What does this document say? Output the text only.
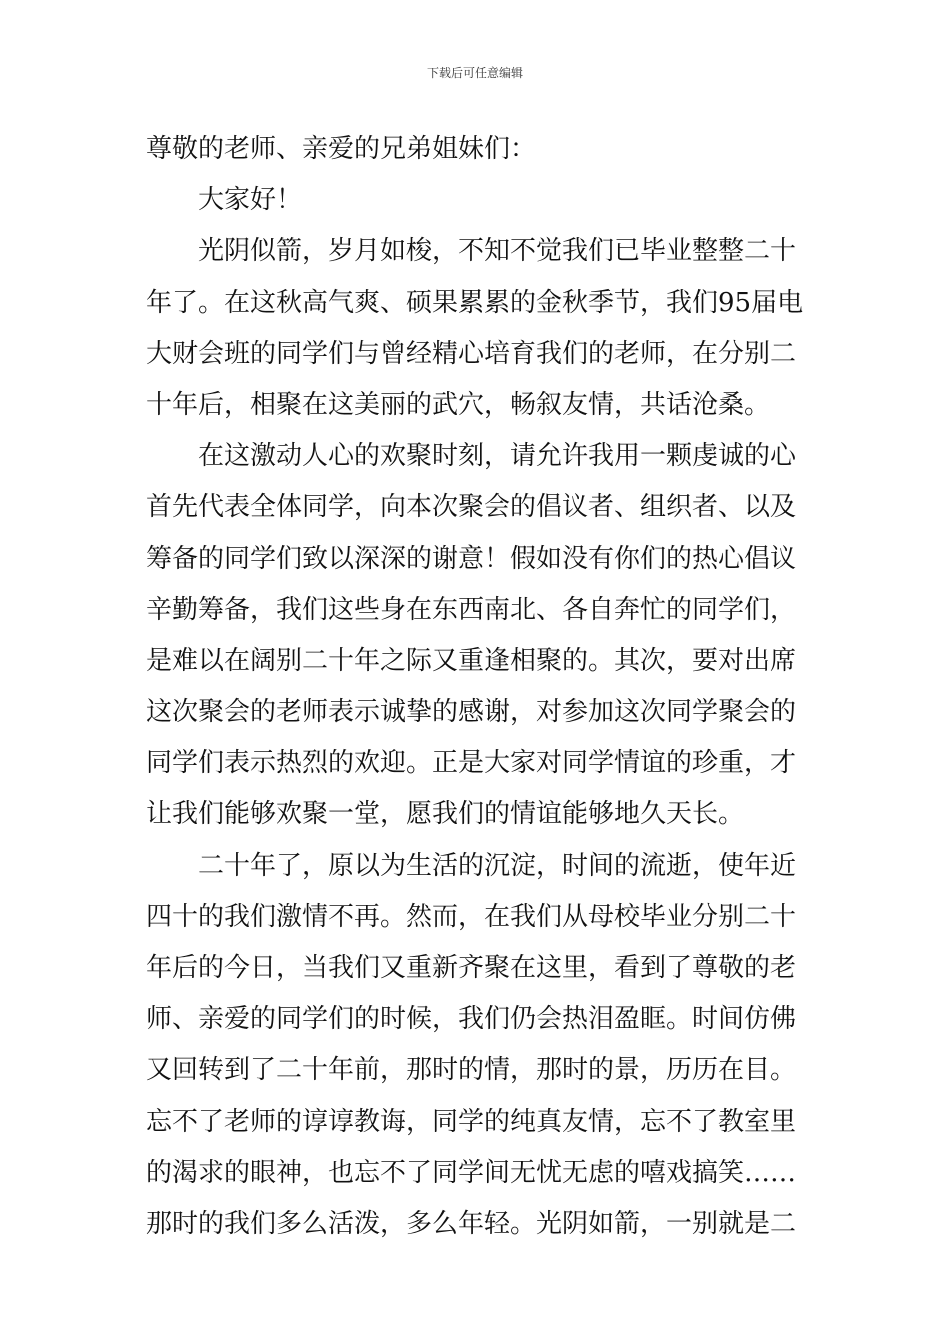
下载后可任意编辑
尊敬的老师、亲爱的兄弟姐妹们：
大家好！
光阴似箭，岁月如梭，不知不觉我们已毕业整整二十
年了。在这秋高气爽、硕果累累的金秋季节，我们95届电
大财会班的同学们与曾经精心培育我们的老师，在分别二
十年后，相聚在这美丽的武穴，畅叙友情，共话沧桑。
在这激动人心的欢聚时刻，请允许我用一颗虔诚的心
首先代表全体同学，向本次聚会的倡议者、组织者、以及
筹备的同学们致以深深的谢意！假如没有你们的热心倡议
辛勤筹备，我们这些身在东西南北、各自奔忙的同学们，
是难以在阔别二十年之际又重逢相聚的。其次，要对出席
这次聚会的老师表示诚挚的感谢，对参加这次同学聚会的
同学们表示热烈的欢迎。正是大家对同学情谊的珍重，才
让我们能够欢聚一堂，愿我们的情谊能够地久天长。
二十年了，原以为生活的沉淀，时间的流逝，使年近
四十的我们激情不再。然而，在我们从母校毕业分别二十
年后的今日，当我们又重新齐聚在这里，看到了尊敬的老
师、亲爱的同学们的时候，我们仍会热泪盈眶。时间仿佛
又回转到了二十年前，那时的情，那时的景，历历在目。
忘不了老师的谆谆教诲，同学的纯真友情，忘不了教室里
的渴求的眼神，也忘不了同学间无忧无虑的嘻戏搞笑……
那时的我们多么活泼，多么年轻。光阴如箭，一别就是二
